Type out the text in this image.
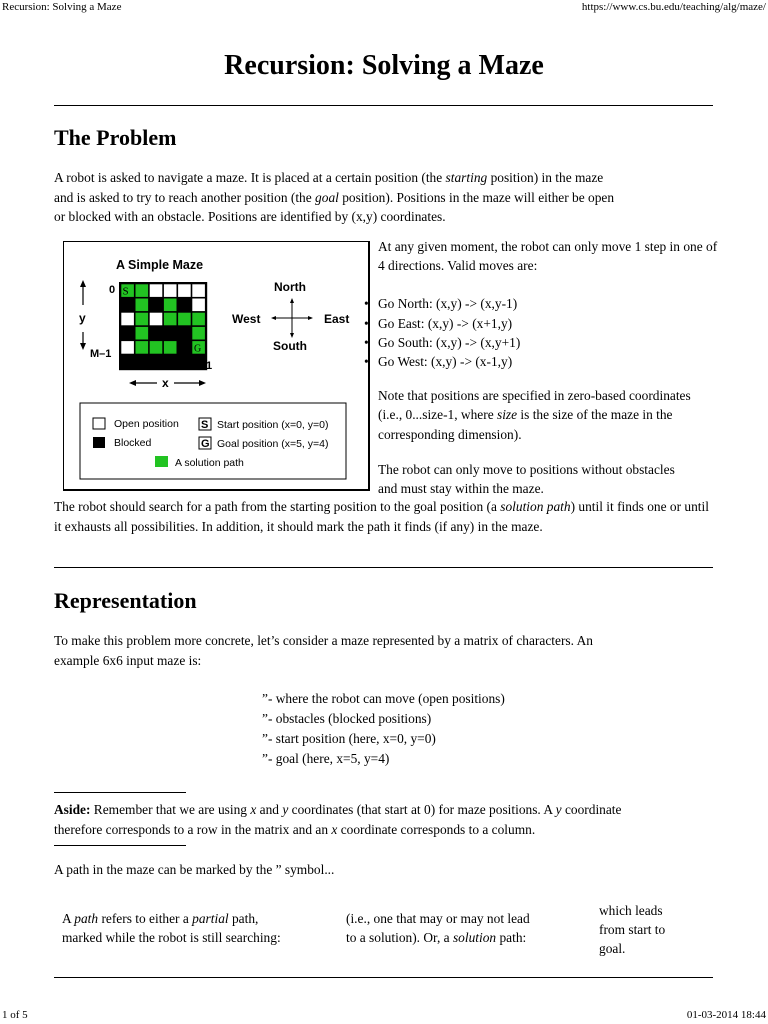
Recursion: Solving a Maze	https://www.cs.bu.edu/teaching/alg/maze/
Recursion: Solving a Maze
The Problem
A robot is asked to navigate a maze. It is placed at a certain position (the starting position) in the maze
and is asked to try to reach another position (the goal position). Positions in the maze will either be open
or blocked with an obstacle. Positions are identified by (x,y) coordinates.
A Simple Maze
0
M–1
y
S
G
0	N–1
x
North
West	East
South
Open position
Blocked
S Start position (x=0, y=0)
G Goal position (x=5, y=4)
A solution path
At any given moment, the robot can only move 1 step in one of 4 directions. Valid moves are:
• Go North: (x,y) -> (x,y-1)
• Go East: (x,y) -> (x+1,y)
• Go South: (x,y) -> (x,y+1)
• Go West: (x,y) -> (x-1,y)
Note that positions are specified in zero-based coordinates (i.e., 0...size-1, where size is the size of the maze in the corresponding dimension).
The robot can only move to positions without obstacles and must stay within the maze.
The robot should search for a path from the starting position to the goal position (a solution path) until it finds one or until it exhausts all possibilities. In addition, it should mark the path it finds (if any) in the maze.
Representation
To make this problem more concrete, let’s consider a maze represented by a matrix of characters. An
example 6x6 input maze is:
”- where the robot can move (open positions)
”- obstacles (blocked positions)
”- start position (here, x=0, y=0)
”- goal (here, x=5, y=4)
Aside: Remember that we are using x and y coordinates (that start at 0) for maze positions. A y coordinate
therefore corresponds to a row in the matrix and an x coordinate corresponds to a column.
A path in the maze can be marked by the ” symbol...
A path refers to either a partial path,
marked while the robot is still searching:
(i.e., one that may or may not lead
to a solution). Or, a solution path:
which leads
from start to
goal.
1 of 5	01-03-2014 18:44
